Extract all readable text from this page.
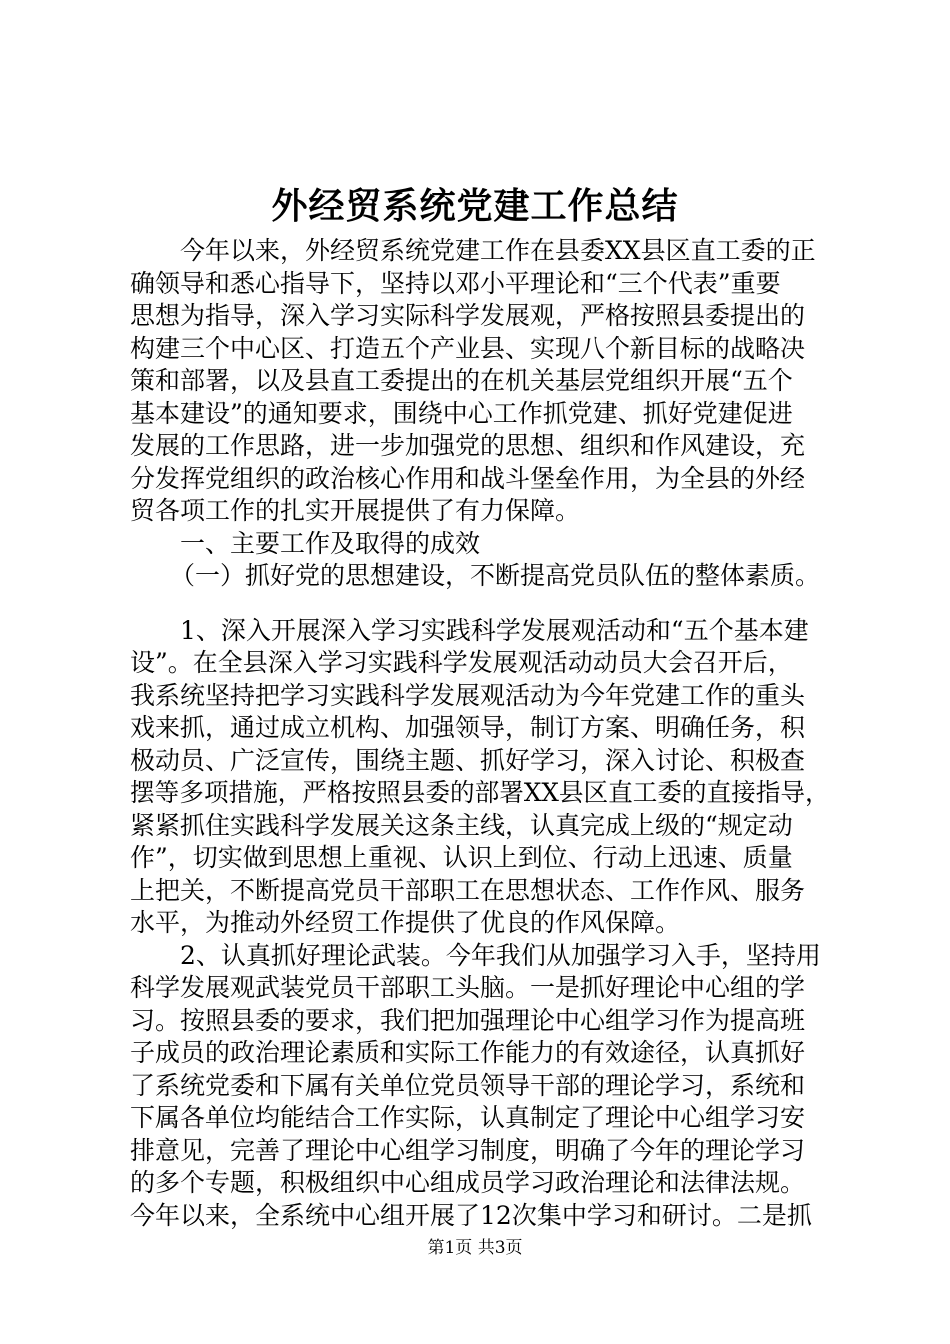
外经贸系统党建工作总结
今年以来，外经贸系统党建工作在县委XX县区直工委的正
确领导和悉心指导下，坚持以邓小平理论和“三个代表”重要
思想为指导，深入学习实际科学发展观，严格按照县委提出的
构建三个中心区、打造五个产业县、实现八个新目标的战略决
策和部署，以及县直工委提出的在机关基层党组织开展“五个
基本建设”的通知要求，围绕中心工作抓党建、抓好党建促进
发展的工作思路，进一步加强党的思想、组织和作风建设，充
分发挥党组织的政治核心作用和战斗堡垒作用，为全县的外经
贸各项工作的扎实开展提供了有力保障。
一、主要工作及取得的成效
（一）抓好党的思想建设，不断提高党员队伍的整体素质。
1、深入开展深入学习实践科学发展观活动和“五个基本建
设”。在全县深入学习实践科学发展观活动动员大会召开后，
我系统坚持把学习实践科学发展观活动为今年党建工作的重头
戏来抓，通过成立机构、加强领导，制订方案、明确任务，积
极动员、广泛宣传，围绕主题、抓好学习，深入讨论、积极查
摆等多项措施，严格按照县委的部署XX县区直工委的直接指导，
紧紧抓住实践科学发展关这条主线，认真完成上级的“规定动
作”，切实做到思想上重视、认识上到位、行动上迅速、质量
上把关，不断提高党员干部职工在思想状态、工作作风、服务
水平，为推动外经贸工作提供了优良的作风保障。
2、认真抓好理论武装。今年我们从加强学习入手，坚持用
科学发展观武装党员干部职工头脑。一是抓好理论中心组的学
习。按照县委的要求，我们把加强理论中心组学习作为提高班
子成员的政治理论素质和实际工作能力的有效途径，认真抓好
了系统党委和下属有关单位党员领导干部的理论学习，系统和
下属各单位均能结合工作实际，认真制定了理论中心组学习安
排意见，完善了理论中心组学习制度，明确了今年的理论学习
的多个专题，积极组织中心组成员学习政治理论和法律法规。
今年以来，全系统中心组开展了12次集中学习和研讨。二是抓
第1页 共3页
